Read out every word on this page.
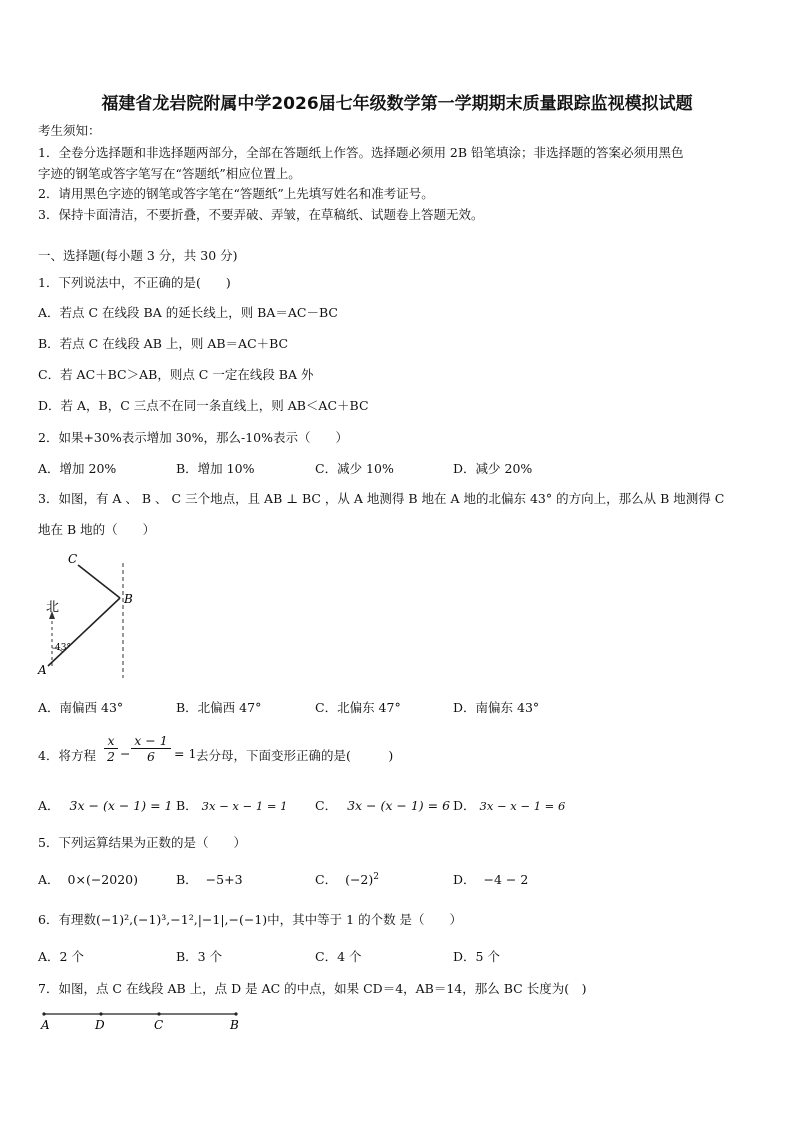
福建省龙岩院附属中学2026届七年级数学第一学期期末质量跟踪监视模拟试题
考生须知：
1．全卷分选择题和非选择题两部分，全部在答题纸上作答。选择题必须用 2B 铅笔填涂；非选择题的答案必须用黑色
字迹的钢笔或答字笔写在“答题纸”相应位置上。
2．请用黑色字迹的钢笔或答字笔在“答题纸”上先填写姓名和准考证号。
3．保持卡面清洁，不要折叠，不要弄破、弄皱，在草稿纸、试题卷上答题无效。
一、选择题(每小题 3 分，共 30 分)
1．下列说法中，不正确的是(　　)
A．若点 C 在线段 BA 的延长线上，则 BA＝AC－BC
B．若点 C 在线段 AB 上，则 AB＝AC＋BC
C．若 AC＋BC＞AB，则点 C 一定在线段 BA 外
D．若 A，B，C 三点不在同一条直线上，则 AB＜AC＋BC
2．如果+30%表示增加 30%，那么-10%表示（　　）
A．增加 20%	B．增加 10%	C．减少 10%	D．减少 20%
3．如图，有 A 、 B 、 C 三个地点，且 AB ⊥ BC ，从 A 地测得 B 地在 A 地的北偏东 43° 的方向上，那么从 B 地测得 C
地在 B 地的（　　）
北
43°
C
B
A
A．南偏西 43°	B．北偏西 47°	C．北偏东 47°	D．南偏东 43°
4．将方程 $\frac{x}{2} - \frac{x - 1}{6} = 1$ 去分母，下面变形正确的是(　　　)
A． 3x − (x − 1) = 1 B． 3x − x − 1 = 1 C． 3x − (x − 1) = 6 D． 3x − x − 1 = 6
5．下列运算结果为正数的是（　　）
A． 0×(−2020)	B． −5+3	C． $(-2)^2$	D． −4 − 2
6．有理数(−1)²,(−1)³,−1²,|−1|,−(−1)中，其中等于 1 的个数 是（　　）
A．2 个	B．3 个	C．4 个	D．5 个
7．如图，点 C 在线段 AB 上，点 D 是 AC 的中点，如果 CD＝4，AB＝14，那么 BC 长度为(　)
A	D	C	B
